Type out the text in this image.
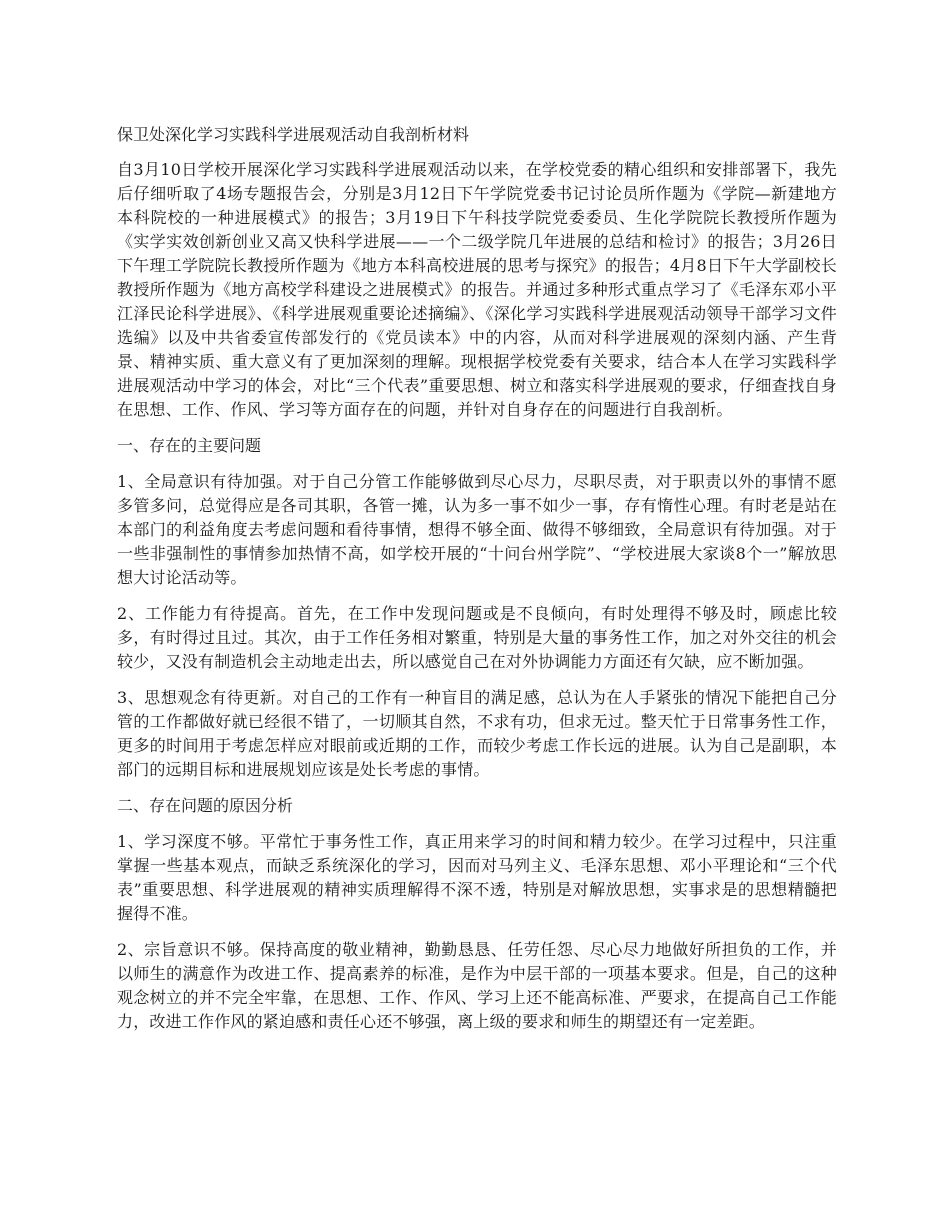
保卫处深化学习实践科学进展观活动自我剖析材料

自3月10日学校开展深化学习实践科学进展观活动以来，在学校党委的精心组织和安排部署下，我先后仔细听取了4场专题报告会，分别是3月12日下午学院党委书记讨论员所作题为《学院—新建地方本科院校的一种进展模式》的报告；3月19日下午科技学院党委委员、生化学院院长教授所作题为《实学实效创新创业又高又快科学进展——一个二级学院几年进展的总结和检讨》的报告；3月26日下午理工学院院长教授所作题为《地方本科高校进展的思考与探究》的报告；4月8日下午大学副校长教授所作题为《地方高校学科建设之进展模式》的报告。并通过多种形式重点学习了《毛泽东邓小平江泽民论科学进展》、《科学进展观重要论述摘编》、《深化学习实践科学进展观活动领导干部学习文件选编》以及中共省委宣传部发行的《党员读本》中的内容，从而对科学进展观的深刻内涵、产生背景、精神实质、重大意义有了更加深刻的理解。现根据学校党委有关要求，结合本人在学习实践科学进展观活动中学习的体会，对比“三个代表”重要思想、树立和落实科学进展观的要求，仔细查找自身在思想、工作、作风、学习等方面存在的问题，并针对自身存在的问题进行自我剖析。

一、存在的主要问题

1、全局意识有待加强。对于自己分管工作能够做到尽心尽力，尽职尽责，对于职责以外的事情不愿多管多问，总觉得应是各司其职，各管一摊，认为多一事不如少一事，存有惰性心理。有时老是站在本部门的利益角度去考虑问题和看待事情，想得不够全面、做得不够细致，全局意识有待加强。对于一些非强制性的事情参加热情不高，如学校开展的“十问台州学院”、“学校进展大家谈8个一”解放思想大讨论活动等。

2、工作能力有待提高。首先，在工作中发现问题或是不良倾向，有时处理得不够及时，顾虑比较多，有时得过且过。其次，由于工作任务相对繁重，特别是大量的事务性工作，加之对外交往的机会较少，又没有制造机会主动地走出去，所以感觉自己在对外协调能力方面还有欠缺，应不断加强。

3、思想观念有待更新。对自己的工作有一种盲目的满足感，总认为在人手紧张的情况下能把自己分管的工作都做好就已经很不错了，一切顺其自然，不求有功，但求无过。整天忙于日常事务性工作，更多的时间用于考虑怎样应对眼前或近期的工作，而较少考虑工作长远的进展。认为自己是副职，本部门的远期目标和进展规划应该是处长考虑的事情。

二、存在问题的原因分析

1、学习深度不够。平常忙于事务性工作，真正用来学习的时间和精力较少。在学习过程中，只注重掌握一些基本观点，而缺乏系统深化的学习，因而对马列主义、毛泽东思想、邓小平理论和“三个代表”重要思想、科学进展观的精神实质理解得不深不透，特别是对解放思想，实事求是的思想精髓把握得不准。

2、宗旨意识不够。保持高度的敬业精神，勤勤恳恳、任劳任怨、尽心尽力地做好所担负的工作，并以师生的满意作为改进工作、提高素养的标准，是作为中层干部的一项基本要求。但是，自己的这种观念树立的并不完全牢靠，在思想、工作、作风、学习上还不能高标准、严要求，在提高自己工作能力，改进工作作风的紧迫感和责任心还不够强，离上级的要求和师生的期望还有一定差距。
